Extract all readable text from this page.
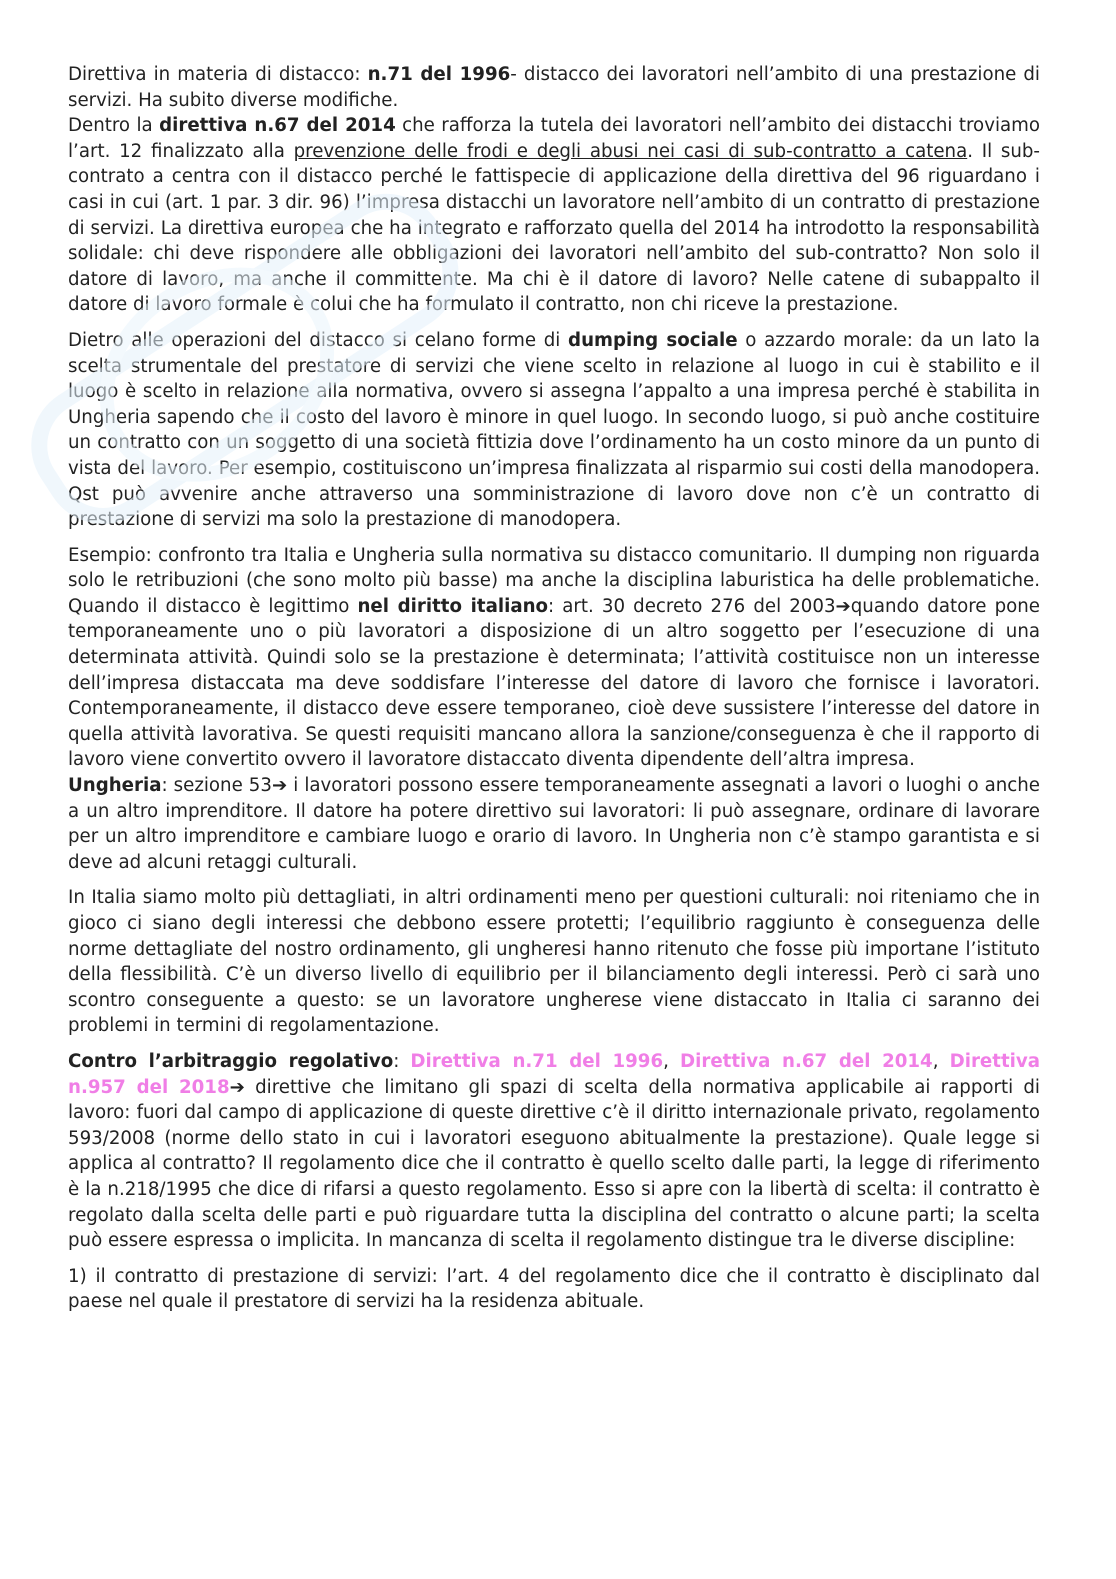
Direttiva in materia di distacco: n.71 del 1996- distacco dei lavoratori nell’ambito di una prestazione di servizi. Ha subito diverse modifiche.

Dentro la direttiva n.67 del 2014 che rafforza la tutela dei lavoratori nell’ambito dei distacchi troviamo l’art. 12 finalizzato alla prevenzione delle frodi e degli abusi nei casi di sub-contratto a catena. Il sub-contrato a centra con il distacco perché le fattispecie di applicazione della direttiva del 96 riguardano i casi in cui (art. 1 par. 3 dir. 96) l’impresa distacchi un lavoratore nell’ambito di un contratto di prestazione di servizi. La direttiva europea che ha integrato e rafforzato quella del 2014 ha introdotto la responsabilità solidale: chi deve rispondere alle obbligazioni dei lavoratori nell’ambito del sub-contratto? Non solo il datore di lavoro, ma anche il committente. Ma chi è il datore di lavoro? Nelle catene di subappalto il datore di lavoro formale è colui che ha formulato il contratto, non chi riceve la prestazione.

Dietro alle operazioni del distacco si celano forme di dumping sociale o azzardo morale: da un lato la scelta strumentale del prestatore di servizi che viene scelto in relazione al luogo in cui è stabilito e il luogo è scelto in relazione alla normativa, ovvero si assegna l’appalto a una impresa perché è stabilita in Ungheria sapendo che il costo del lavoro è minore in quel luogo. In secondo luogo, si può anche costituire un contratto con un soggetto di una società fittizia dove l’ordinamento ha un costo minore da un punto di vista del lavoro. Per esempio, costituiscono un’impresa finalizzata al risparmio sui costi della manodopera. Qst può avvenire anche attraverso una somministrazione di lavoro dove non c’è un contratto di prestazione di servizi ma solo la prestazione di manodopera.

Esempio: confronto tra Italia e Ungheria sulla normativa su distacco comunitario. Il dumping non riguarda solo le retribuzioni (che sono molto più basse) ma anche la disciplina laburistica ha delle problematiche. Quando il distacco è legittimo nel diritto italiano: art. 30 decreto 276 del 2003➔quando datore pone temporaneamente uno o più lavoratori a disposizione di un altro soggetto per l’esecuzione di una determinata attività. Quindi solo se la prestazione è determinata; l’attività costituisce non un interesse dell’impresa distaccata ma deve soddisfare l’interesse del datore di lavoro che fornisce i lavoratori. Contemporaneamente, il distacco deve essere temporaneo, cioè deve sussistere l’interesse del datore in quella attività lavorativa. Se questi requisiti mancano allora la sanzione/conseguenza è che il rapporto di lavoro viene convertito ovvero il lavoratore distaccato diventa dipendente dell’altra impresa.

Ungheria: sezione 53➔ i lavoratori possono essere temporaneamente assegnati a lavori o luoghi o anche a un altro imprenditore. Il datore ha potere direttivo sui lavoratori: li può assegnare, ordinare di lavorare per un altro imprenditore e cambiare luogo e orario di lavoro. In Ungheria non c’è stampo garantista e si deve ad alcuni retaggi culturali.

In Italia siamo molto più dettagliati, in altri ordinamenti meno per questioni culturali: noi riteniamo che in gioco ci siano degli interessi che debbono essere protetti; l’equilibrio raggiunto è conseguenza delle norme dettagliate del nostro ordinamento, gli ungheresi hanno ritenuto che fosse più importane l’istituto della flessibilità. C’è un diverso livello di equilibrio per il bilanciamento degli interessi. Però ci sarà uno scontro conseguente a questo: se un lavoratore ungherese viene distaccato in Italia ci saranno dei problemi in termini di regolamentazione.

Contro l’arbitraggio regolativo: Direttiva n.71 del 1996, Direttiva n.67 del 2014, Direttiva n.957 del 2018➔ direttive che limitano gli spazi di scelta della normativa applicabile ai rapporti di lavoro: fuori dal campo di applicazione di queste direttive c’è il diritto internazionale privato, regolamento 593/2008 (norme dello stato in cui i lavoratori eseguono abitualmente la prestazione). Quale legge si applica al contratto? Il regolamento dice che il contratto è quello scelto dalle parti, la legge di riferimento è la n.218/1995 che dice di rifarsi a questo regolamento. Esso si apre con la libertà di scelta: il contratto è regolato dalla scelta delle parti e può riguardare tutta la disciplina del contratto o alcune parti; la scelta può essere espressa o implicita. In mancanza di scelta il regolamento distingue tra le diverse discipline:

1) il contratto di prestazione di servizi: l’art. 4 del regolamento dice che il contratto è disciplinato dal paese nel quale il prestatore di servizi ha la residenza abituale.
